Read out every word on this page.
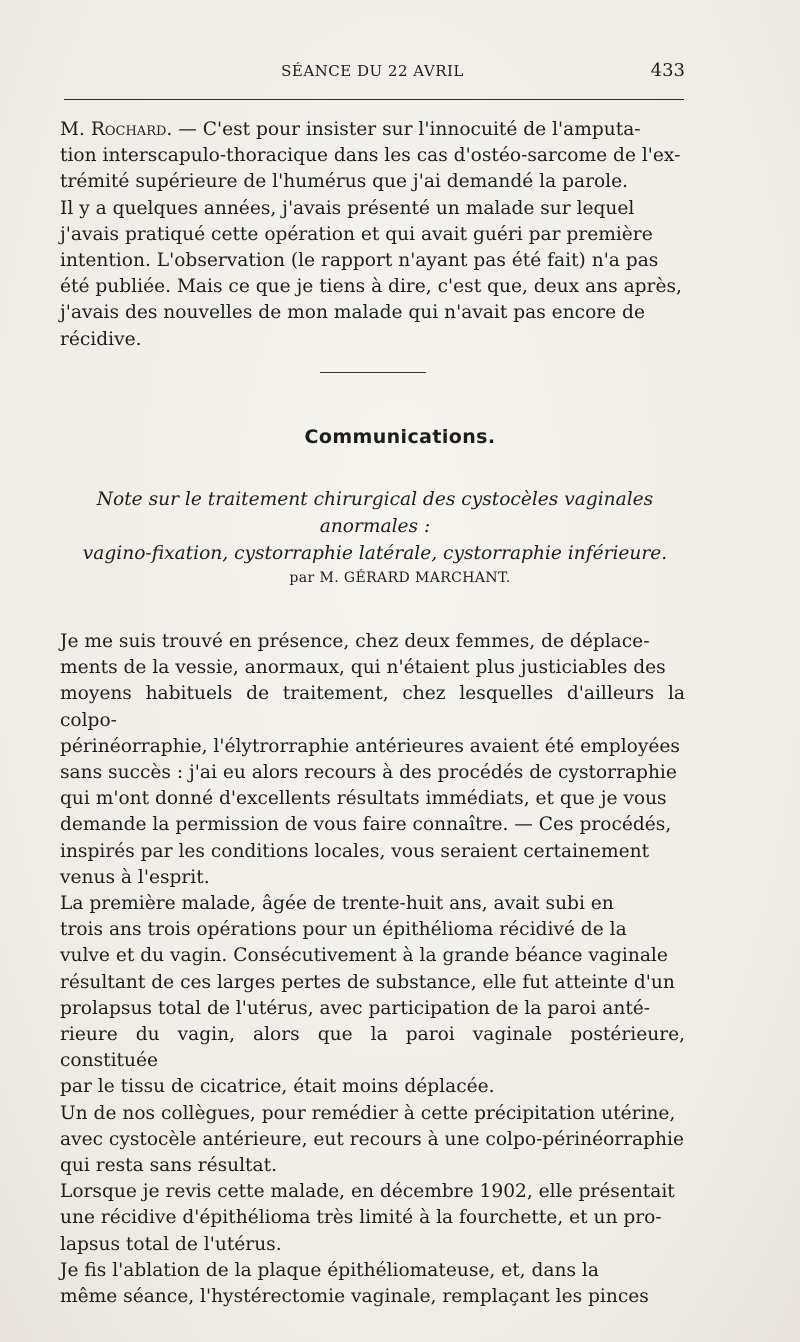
SÉANCE DU 22 AVRIL	433

M. Rochard. — C'est pour insister sur l'innocuité de l'amputa-
tion interscapulo-thoracique dans les cas d'ostéo-sarcome de l'ex-
trémité supérieure de l'humérus que j'ai demandé la parole.

Il y a quelques années, j'avais présenté un malade sur lequel
j'avais pratiqué cette opération et qui avait guéri par première
intention. L'observation (le rapport n'ayant pas été fait) n'a pas
été publiée. Mais ce que je tiens à dire, c'est que, deux ans après,
j'avais des nouvelles de mon malade qui n'avait pas encore de
récidive.

Communications.
Note sur le traitement chirurgical des cystocèles vaginales anormales :
vagino-fixation, cystorraphie latérale, cystorraphie inférieure.
par M. GÉRARD MARCHANT.

Je me suis trouvé en présence, chez deux femmes, de déplace-
ments de la vessie, anormaux, qui n'étaient plus justiciables des
moyens habituels de traitement, chez lesquelles d'ailleurs la colpo-
périnéorraphie, l'élytrorraphie antérieures avaient été employées
sans succès : j'ai eu alors recours à des procédés de cystorraphie
qui m'ont donné d'excellents résultats immédiats, et que je vous
demande la permission de vous faire connaître. — Ces procédés,
inspirés par les conditions locales, vous seraient certainement
venus à l'esprit.

La première malade, âgée de trente-huit ans, avait subi en
trois ans trois opérations pour un épithélioma récidivé de la
vulve et du vagin. Consécutivement à la grande béance vaginale
résultant de ces larges pertes de substance, elle fut atteinte d'un
prolapsus total de l'utérus, avec participation de la paroi anté-
rieure du vagin, alors que la paroi vaginale postérieure, constituée
par le tissu de cicatrice, était moins déplacée.

Un de nos collègues, pour remédier à cette précipitation utérine,
avec cystocèle antérieure, eut recours à une colpo-périnéorraphie
qui resta sans résultat.

Lorsque je revis cette malade, en décembre 1902, elle présentait
une récidive d'épithélioma très limité à la fourchette, et un pro-
lapsus total de l'utérus.

Je fis l'ablation de la plaque épithéliomateuse, et, dans la
même séance, l'hystérectomie vaginale, remplaçant les pinces
